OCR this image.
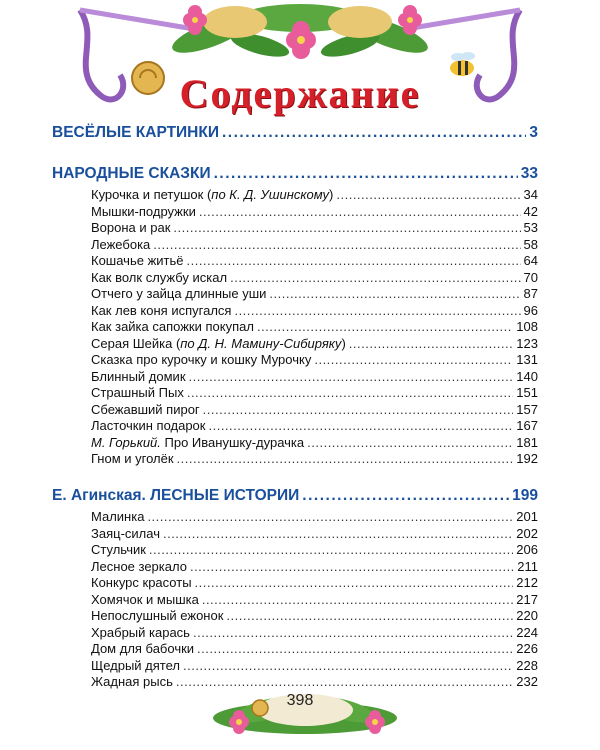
Содержание
ВЕСЁЛЫЕ КАРТИНКИ .....	3
НАРОДНЫЕ СКАЗКИ .....	33
Курочка и петушок (по К. Д. Ушинскому) .....	34
Мышки-подружки .....	42
Ворона и рак .....	53
Лежебока .....	58
Кошачье житьё .....	64
Как волк службу искал .....	70
Отчего у зайца длинные уши .....	87
Как лев коня испугался .....	96
Как зайка сапожки покупал .....	108
Серая Шейка (по Д. Н. Мамину-Сибиряку) .....	123
Сказка про курочку и кошку Мурочку .....	131
Блинный домик .....	140
Страшный Пых .....	151
Сбежавший пирог .....	157
Ласточкин подарок .....	167
М. Горький. Про Иванушку-дурачка .....	181
Гном и уголёк .....	192
Е. Агинская. ЛЕСНЫЕ ИСТОРИИ .....	199
Малинка .....	201
Заяц-силач .....	202
Стульчик .....	206
Лесное зеркало .....	211
Конкурс красоты .....	212
Хомячок и мышка .....	217
Непослушный ежонок .....	220
Храбрый карась .....	224
Дом для бабочки .....	226
Щедрый дятел .....	228
Жадная рысь .....	232
398
